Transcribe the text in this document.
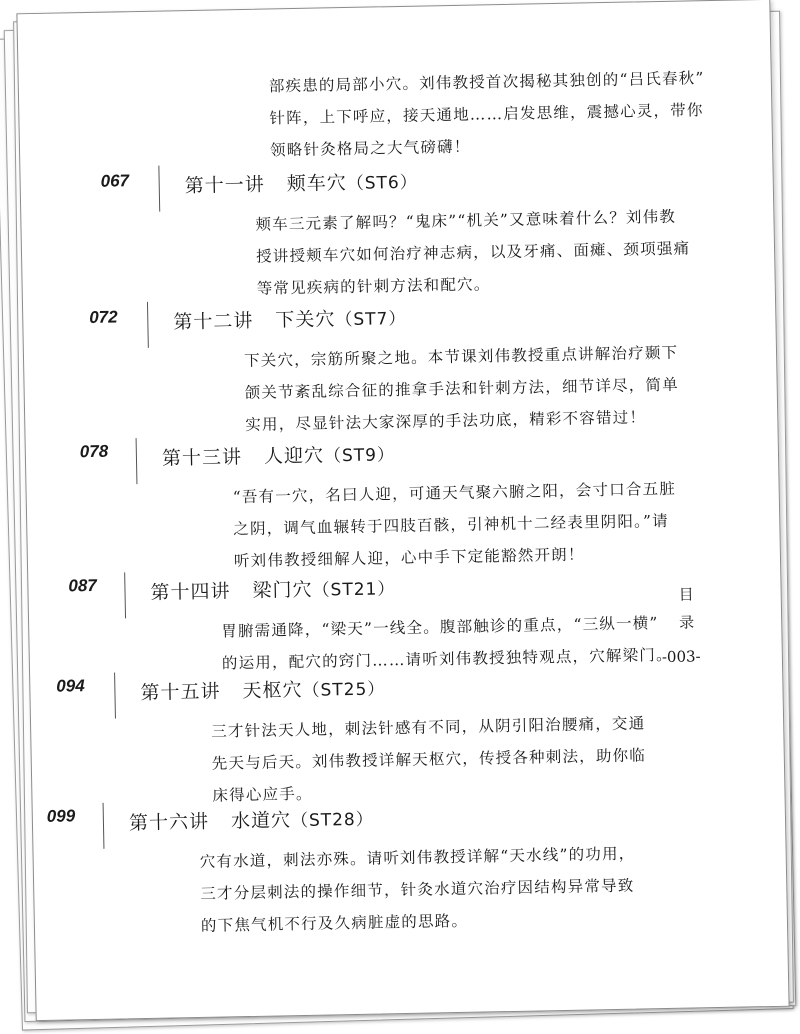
部疾患的局部小穴。刘伟教授首次揭秘其独创的“吕氏春秋”
针阵，上下呼应，接天通地……启发思维，震撼心灵，带你
领略针灸格局之大气磅礴！
目
录
-003-
067	第十一讲 颊车穴（ST6）
颊车三元素了解吗？“鬼床”“机关”又意味着什么？刘伟教
授讲授颊车穴如何治疗神志病，以及牙痛、面瘫、颈项强痛
等常见疾病的针刺方法和配穴。
072	第十二讲 下关穴（ST7）
下关穴，宗筋所聚之地。本节课刘伟教授重点讲解治疗颞下
颌关节紊乱综合征的推拿手法和针刺方法，细节详尽，简单
实用，尽显针法大家深厚的手法功底，精彩不容错过！
078	第十三讲 人迎穴（ST9）
“吾有一穴，名曰人迎，可通天气聚六腑之阳，会寸口合五脏
之阴，调气血辗转于四肢百骸，引神机十二经表里阴阳。”请
听刘伟教授细解人迎，心中手下定能豁然开朗！
087	第十四讲 梁门穴（ST21）
胃腑需通降，“梁天”一线全。腹部触诊的重点，“三纵一横”
的运用，配穴的窍门……请听刘伟教授独特观点，穴解梁门。
094	第十五讲 天枢穴（ST25）
三才针法天人地，刺法针感有不同，从阴引阳治腰痛，交通
先天与后天。刘伟教授详解天枢穴，传授各种刺法，助你临
床得心应手。
099	第十六讲 水道穴（ST28）
穴有水道，刺法亦殊。请听刘伟教授详解“天水线”的功用，
三才分层刺法的操作细节，针灸水道穴治疗因结构异常导致
的下焦气机不行及久病脏虚的思路。
